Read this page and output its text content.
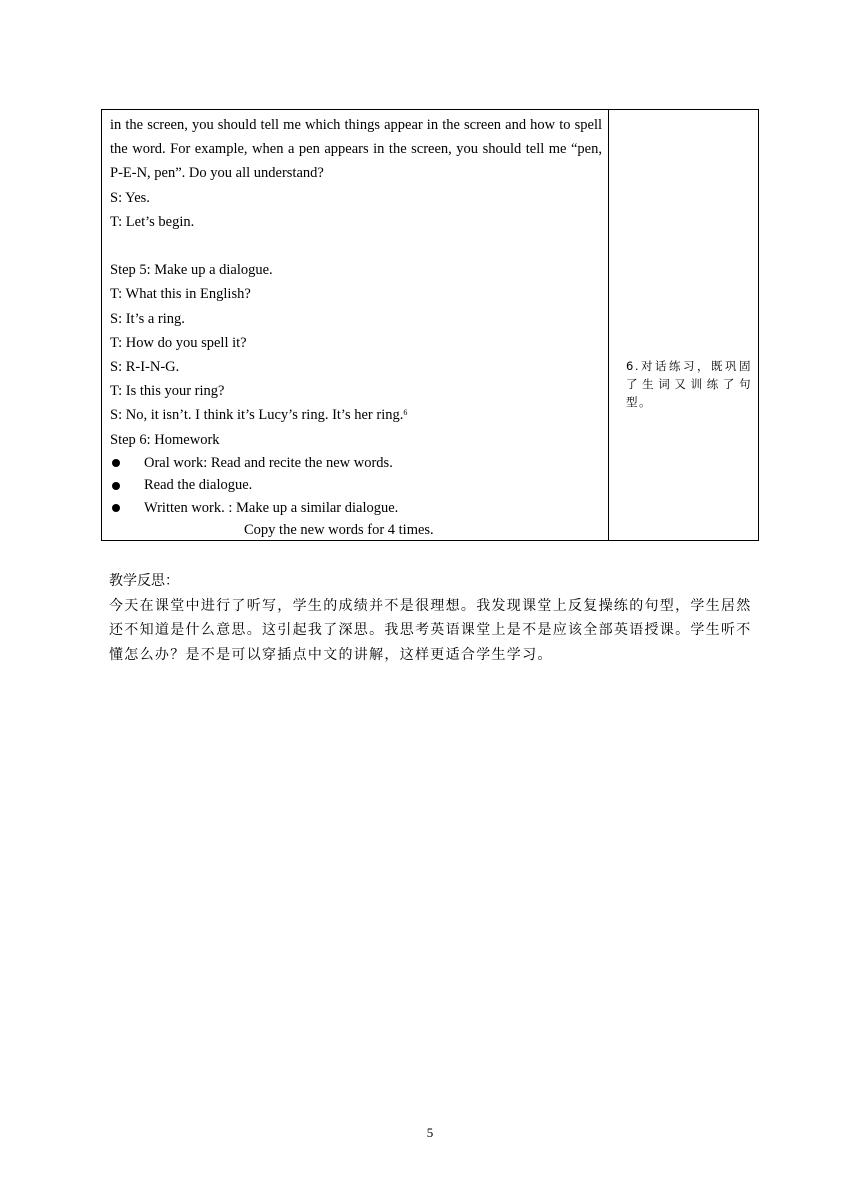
in the screen, you should tell me which things appear in the screen and how to spell the word. For example, when a pen appears in the screen, you should tell me “pen, P-E-N, pen”. Do you all understand?
S: Yes.
T: Let’s begin.
Step 5: Make up a dialogue.
T: What this in English?
S: It’s a ring.
T: How do you spell it?
S: R-I-N-G.
T: Is this your ring?
S: No, it isn’t. I think it’s Lucy’s ring. It’s her ring.$^6$
Step 6: Homework
Oral work: Read and recite the new words.
Read the dialogue.
Written work. : Make up a similar dialogue.
Copy the new words for 4 times.
6.对话练习，既巩固了生词又训练了句型。
教学反思：
今天在课堂中进行了听写，学生的成绩并不是很理想。我发现课堂上反复操练的句型，学生居然还不知道是什么意思。这引起我了深思。我思考英语课堂上是不是应该全部英语授课。学生听不懂怎么办？是不是可以穿插点中文的讲解，这样更适合学生学习。
5
